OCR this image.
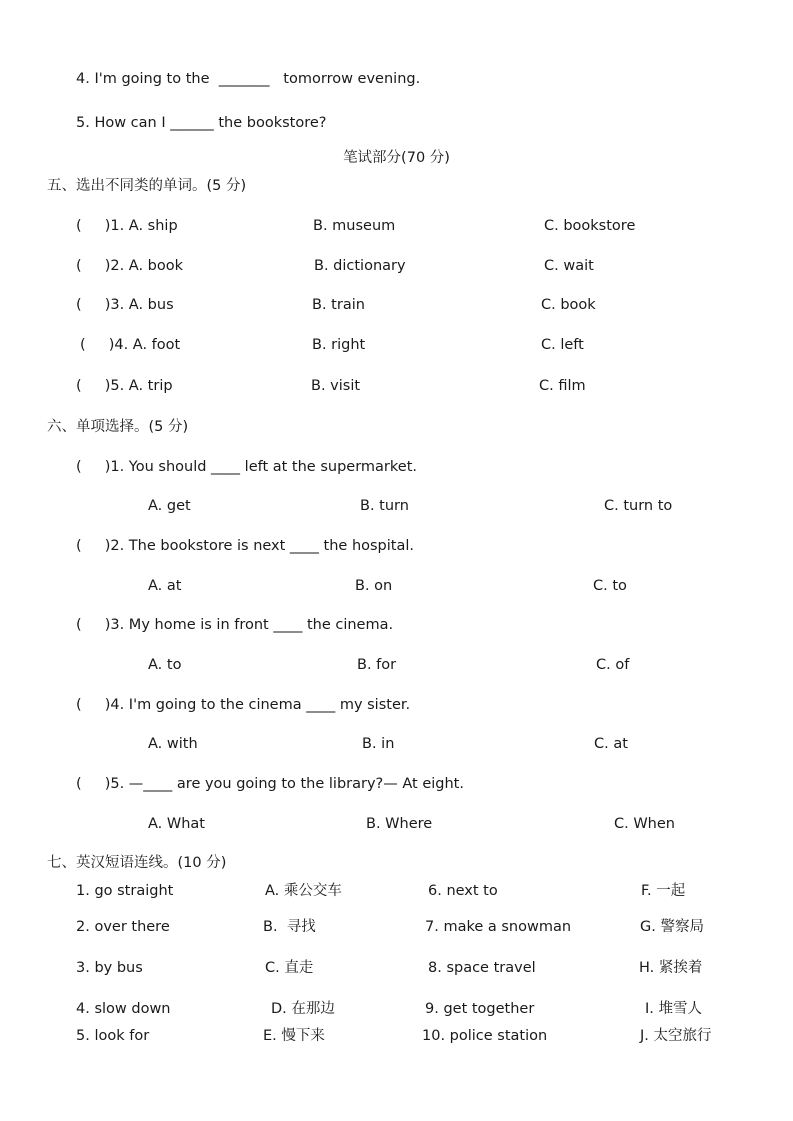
4. I'm going to the  _______   tomorrow evening.
5. How can I ______ the bookstore?
笔试部分(70 分)
五、选出不同类的单词。(5 分)
(     )1. A. ship	B. museum	C. bookstore
(     )2. A. book	B. dictionary	C. wait
(     )3. A. bus	B. train	C. book
(     )4. A. foot	B. right	C. left
(     )5. A. trip	B. visit	C. film
六、单项选择。(5 分)
(     )1. You should ____ left at the supermarket.
A. get	B. turn	C. turn to
(     )2. The bookstore is next ____ the hospital.
A. at	B. on	C. to
(     )3. My home is in front ____ the cinema.
A. to	B. for	C. of
(     )4. I'm going to the cinema ____ my sister.
A. with	B. in	C. at
(     )5. —____ are you going to the library?— At eight.
A. What	B. Where	C. When
七、英汉短语连线。(10 分)
1. go straight	A. 乘公交车	6. next to	F. 一起
2. over there	B.  寻找	7. make a snowman	G. 警察局
3. by bus	C. 直走	8. space travel	H. 紧挨着
4. slow down	D. 在那边	9. get together	I. 堆雪人
5. look for	E. 慢下来	10. police station	J. 太空旅行
